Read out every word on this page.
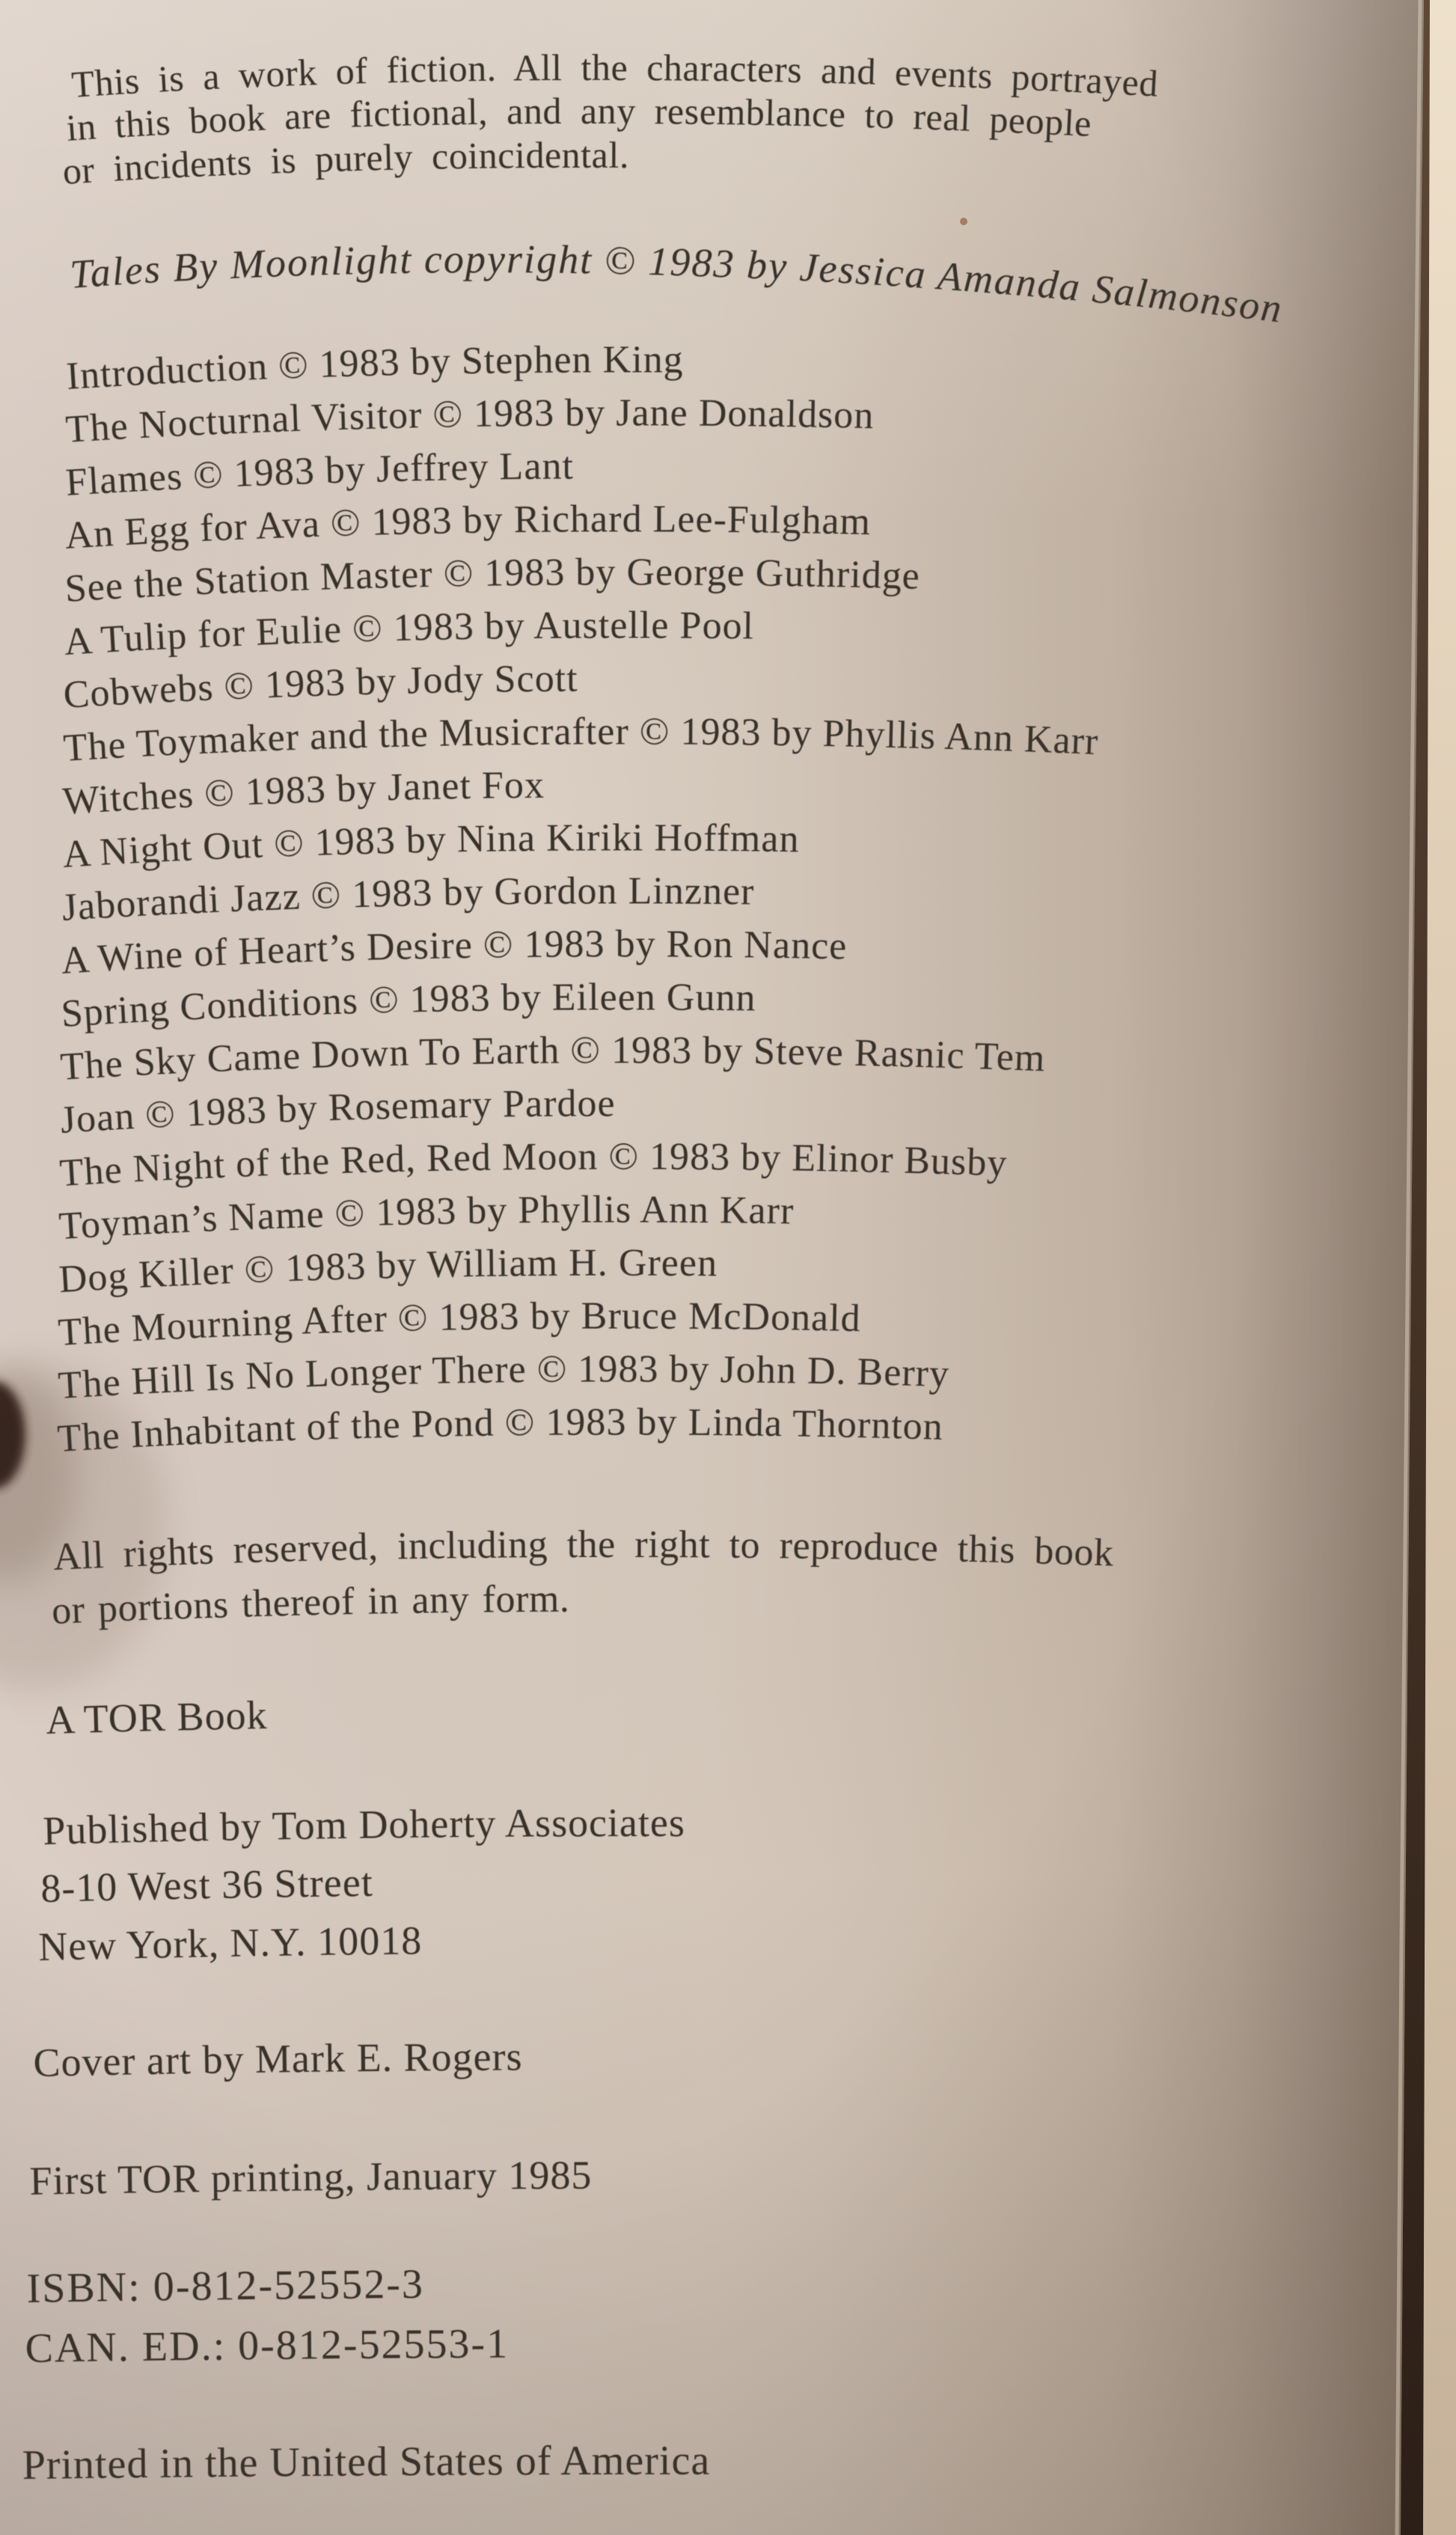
This is a work of fiction. All the characters and events portrayed
in this book are fictional, and any resemblance to real people
or incidents is purely coincidental.
Tales By Moonlight copyright © 1983 by Jessica Amanda Salmonson
Introduction © 1983 by Stephen King
The Nocturnal Visitor © 1983 by Jane Donaldson
Flames © 1983 by Jeffrey Lant
An Egg for Ava © 1983 by Richard Lee-Fulgham
See the Station Master © 1983 by George Guthridge
A Tulip for Eulie © 1983 by Austelle Pool
Cobwebs © 1983 by Jody Scott
The Toymaker and the Musicrafter © 1983 by Phyllis Ann Karr
Witches © 1983 by Janet Fox
A Night Out © 1983 by Nina Kiriki Hoffman
Jaborandi Jazz © 1983 by Gordon Linzner
A Wine of Heart’s Desire © 1983 by Ron Nance
Spring Conditions © 1983 by Eileen Gunn
The Sky Came Down To Earth © 1983 by Steve Rasnic Tem
Joan © 1983 by Rosemary Pardoe
The Night of the Red, Red Moon © 1983 by Elinor Busby
Toyman’s Name © 1983 by Phyllis Ann Karr
Dog Killer © 1983 by William H. Green
The Mourning After © 1983 by Bruce McDonald
The Hill Is No Longer There © 1983 by John D. Berry
The Inhabitant of the Pond © 1983 by Linda Thornton
All rights reserved, including the right to reproduce this book
or portions thereof in any form.
A TOR Book
Published by Tom Doherty Associates
8-10 West 36 Street
New York, N.Y. 10018
Cover art by Mark E. Rogers
First TOR printing, January 1985
ISBN: 0-812-52552-3
CAN. ED.: 0-812-52553-1
Printed in the United States of America
